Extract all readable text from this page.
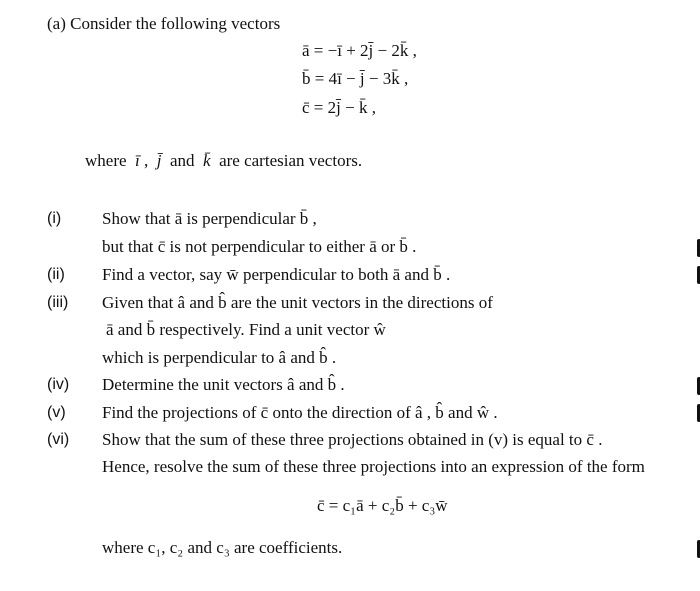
(a) Consider the following vectors
ā = −ī + 2j̄ − 2k̄ ,
b̄ = 4ī − j̄ − 3k̄ ,
c̄ = 2j̄ − k̄ ,
where ī , j̄ and k̄ are cartesian vectors.
(i) Show that ā is perpendicular b̄ ,
but that c̄ is not perpendicular to either ā or b̄ .
(ii) Find a vector, say w̄ perpendicular to both ā and b̄ .
(iii) Given that â and b̂ are the unit vectors in the directions of
ā and b̄ respectively. Find a unit vector ŵ
which is perpendicular to â and b̂ .
(iv) Determine the unit vectors â and b̂ .
(v) Find the projections of c̄ onto the direction of â , b̂ and ŵ .
(vi) Show that the sum of these three projections obtained in (v) is equal to c̄ .
Hence, resolve the sum of these three projections into an expression of the form
c̄ = c₁ā + c₂b̄ + c₃w̄
where c₁, c₂ and c₃ are coefficients.
